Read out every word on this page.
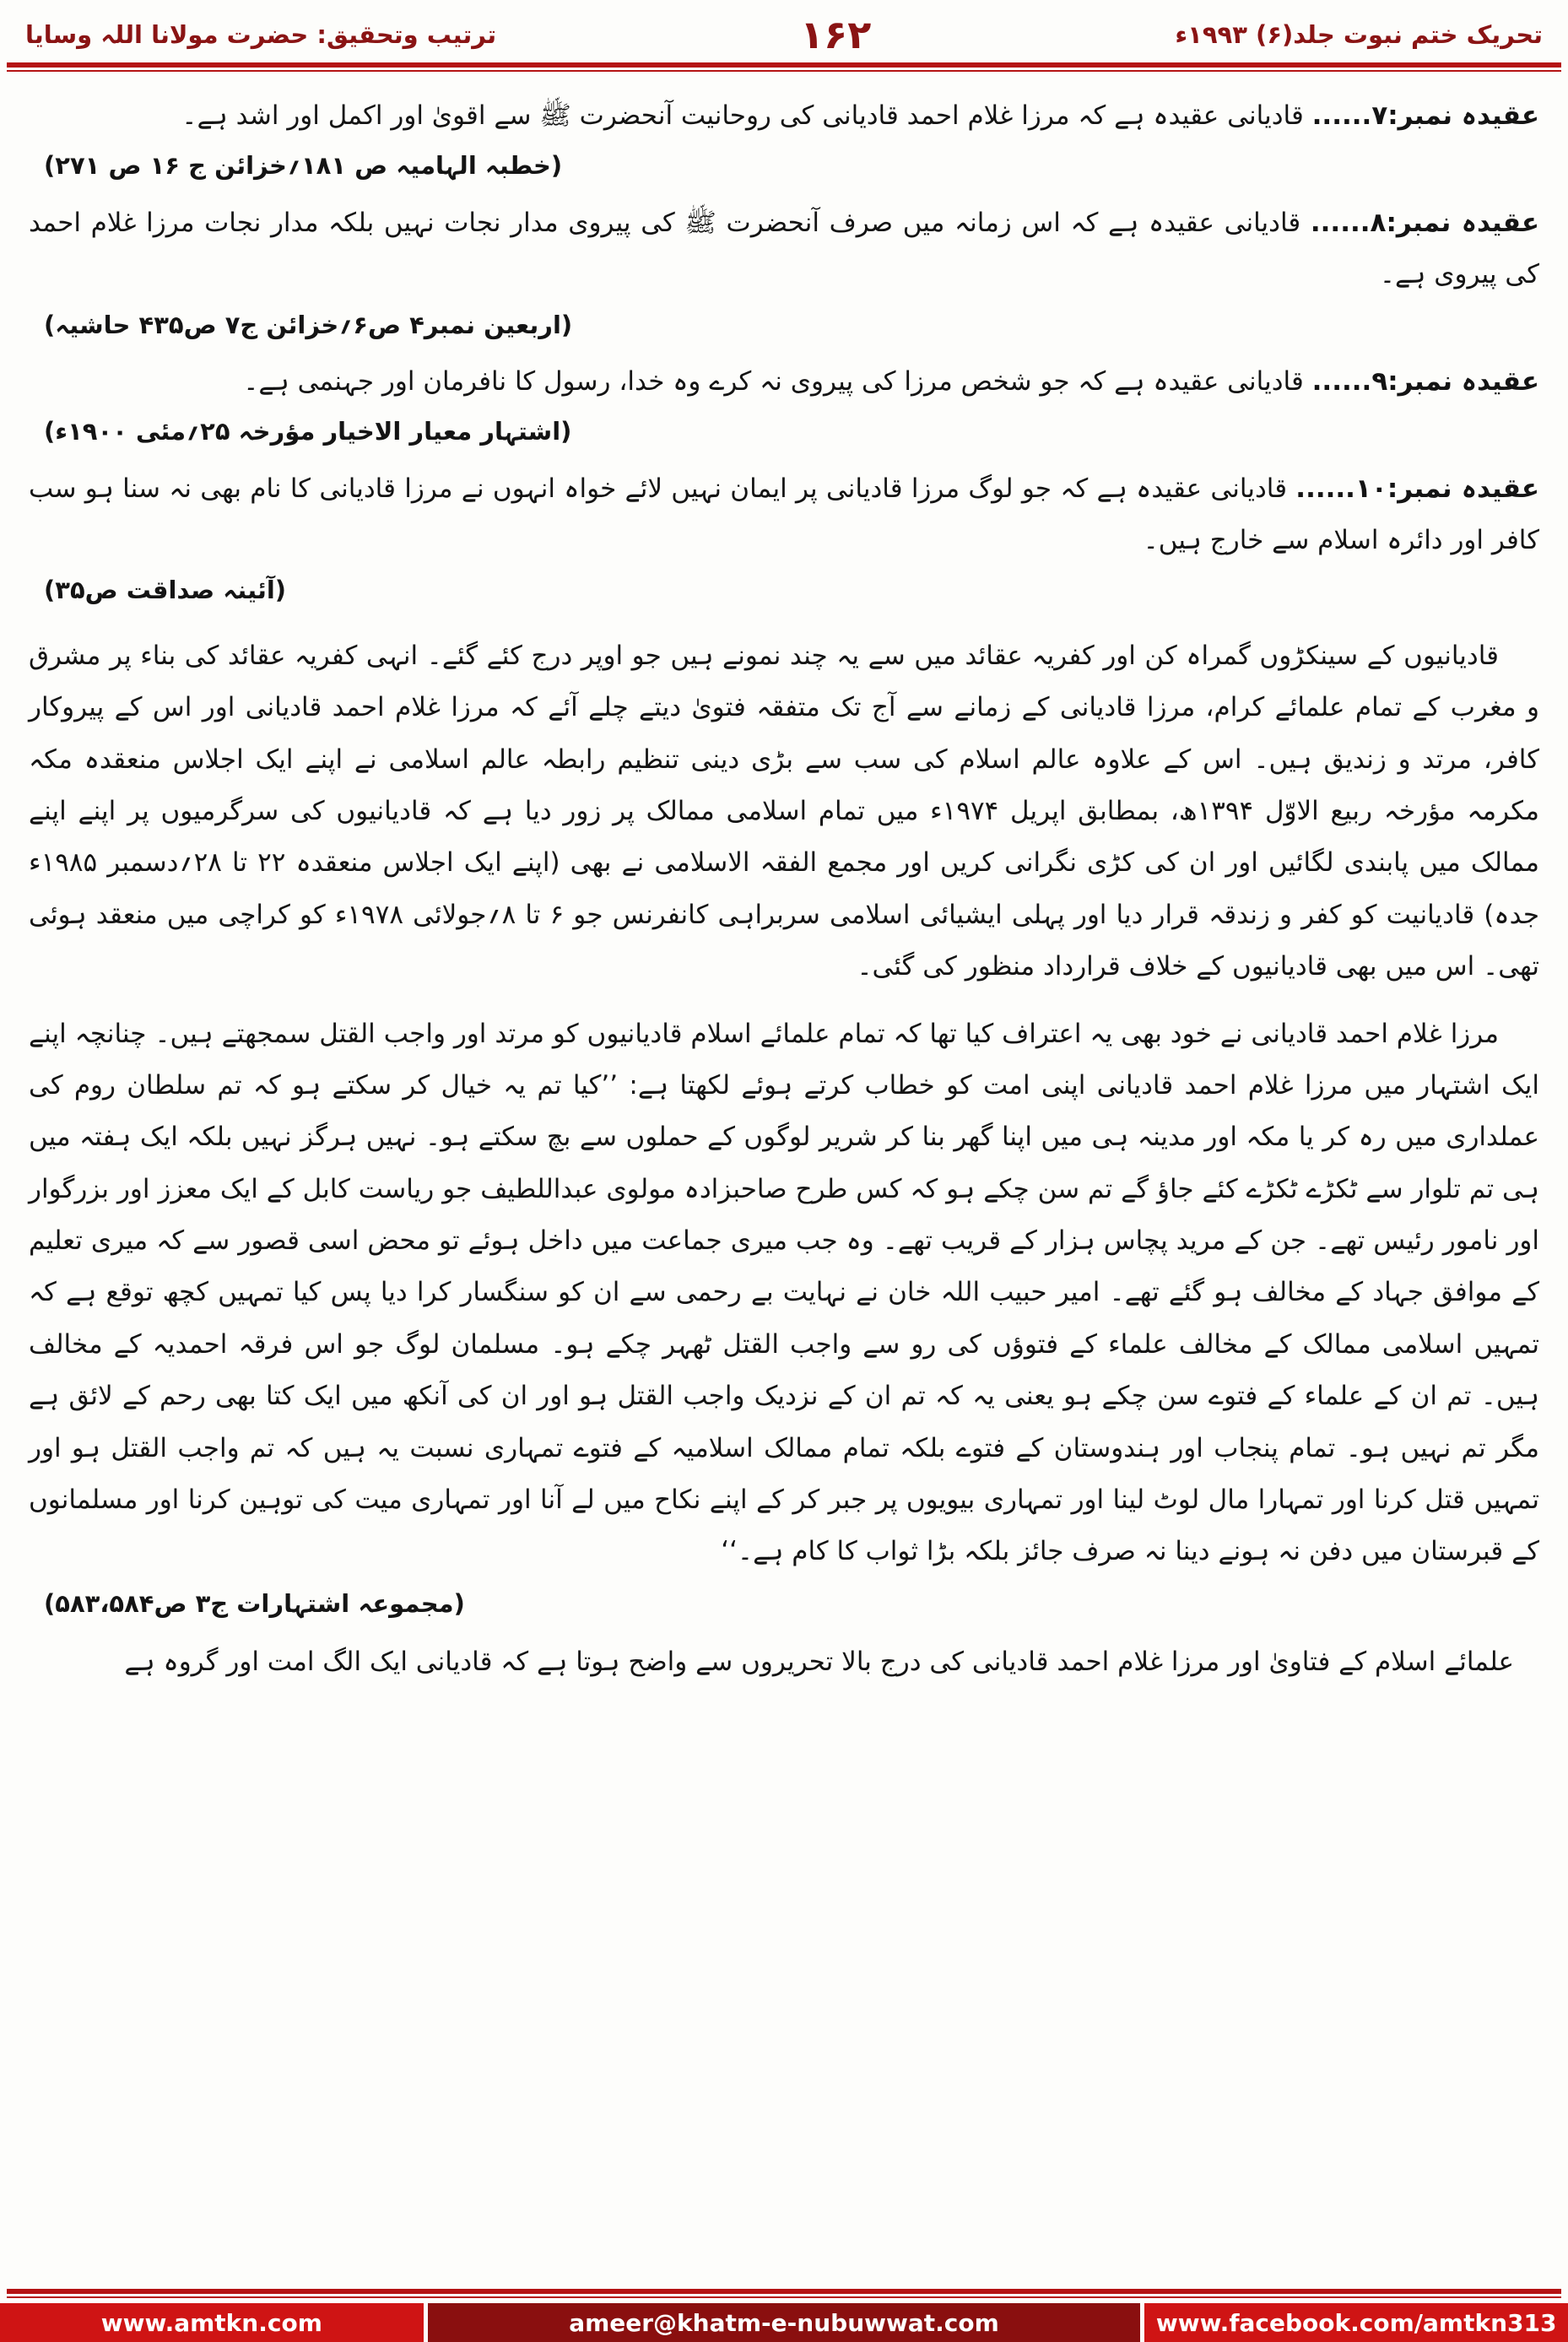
تحریک ختم نبوت جلد(۶) ۱۹۹۳ء
۱۶۲
ترتیب وتحقیق: حضرت مولانا اللہ وسایا
عقیدہ نمبر:۷...... قادیانی عقیدہ ہے کہ مرزا غلام احمد قادیانی کی روحانیت آنحضرت ﷺ سے اقویٰ اور اکمل اور اشد ہے۔
(خطبہ الہامیہ ص ۱۸۱؍خزائن ج ۱۶ ص ۲۷۱)
عقیدہ نمبر:۸...... قادیانی عقیدہ ہے کہ اس زمانہ میں صرف آنحضرت ﷺ کی پیروی مدار نجات نہیں بلکہ مدار نجات مرزا غلام احمد کی پیروی ہے۔
(اربعین نمبر۴ ص۶؍خزائن ج۷ ص۴۳۵ حاشیہ)
عقیدہ نمبر:۹...... قادیانی عقیدہ ہے کہ جو شخص مرزا کی پیروی نہ کرے وہ خدا، رسول کا نافرمان اور جہنمی ہے۔
(اشتہار معیار الاخیار مؤرخہ ۲۵؍مئی ۱۹۰۰ء)
عقیدہ نمبر:۱۰...... قادیانی عقیدہ ہے کہ جو لوگ مرزا قادیانی پر ایمان نہیں لائے خواہ انہوں نے مرزا قادیانی کا نام بھی نہ سنا ہو سب کافر اور دائرہ اسلام سے خارج ہیں۔
(آئینہ صداقت ص۳۵)
قادیانیوں کے سینکڑوں گمراہ کن اور کفریہ عقائد میں سے یہ چند نمونے ہیں جو اوپر درج کئے گئے۔ انہی کفریہ عقائد کی بناء پر مشرق و مغرب کے تمام علمائے کرام، مرزا قادیانی کے زمانے سے آج تک متفقہ فتویٰ دیتے چلے آئے کہ مرزا غلام احمد قادیانی اور اس کے پیروکار کافر، مرتد و زندیق ہیں۔ اس کے علاوہ عالم اسلام کی سب سے بڑی دینی تنظیم رابطہ عالم اسلامی نے اپنے ایک اجلاس منعقدہ مکہ مکرمہ مؤرخہ ربیع الاوّل ۱۳۹۴ھ، بمطابق اپریل ۱۹۷۴ء میں تمام اسلامی ممالک پر زور دیا ہے کہ قادیانیوں کی سرگرمیوں پر اپنے اپنے ممالک میں پابندی لگائیں اور ان کی کڑی نگرانی کریں اور مجمع الفقہ الاسلامی نے بھی (اپنے ایک اجلاس منعقدہ ۲۲ تا ۲۸؍دسمبر ۱۹۸۵ء جدہ) قادیانیت کو کفر و زندقہ قرار دیا اور پہلی ایشیائی اسلامی سربراہی کانفرنس جو ۶ تا ۸؍جولائی ۱۹۷۸ء کو کراچی میں منعقد ہوئی تھی۔ اس میں بھی قادیانیوں کے خلاف قرارداد منظور کی گئی۔
مرزا غلام احمد قادیانی نے خود بھی یہ اعتراف کیا تھا کہ تمام علمائے اسلام قادیانیوں کو مرتد اور واجب القتل سمجھتے ہیں۔ چنانچہ اپنے ایک اشتہار میں مرزا غلام احمد قادیانی اپنی امت کو خطاب کرتے ہوئے لکھتا ہے: ’’کیا تم یہ خیال کر سکتے ہو کہ تم سلطان روم کی عملداری میں رہ کر یا مکہ اور مدینہ ہی میں اپنا گھر بنا کر شریر لوگوں کے حملوں سے بچ سکتے ہو۔ نہیں ہرگز نہیں بلکہ ایک ہفتہ میں ہی تم تلوار سے ٹکڑے ٹکڑے کئے جاؤ گے تم سن چکے ہو کہ کس طرح صاحبزادہ مولوی عبداللطیف جو ریاست کابل کے ایک معزز اور بزرگوار اور نامور رئیس تھے۔ جن کے مرید پچاس ہزار کے قریب تھے۔ وہ جب میری جماعت میں داخل ہوئے تو محض اسی قصور سے کہ میری تعلیم کے موافق جہاد کے مخالف ہو گئے تھے۔ امیر حبیب اللہ خان نے نہایت بے رحمی سے ان کو سنگسار کرا دیا پس کیا تمہیں کچھ توقع ہے کہ تمہیں اسلامی ممالک کے مخالف علماء کے فتوؤں کی رو سے واجب القتل ٹھہر چکے ہو۔ مسلمان لوگ جو اس فرقہ احمدیہ کے مخالف ہیں۔ تم ان کے علماء کے فتوے سن چکے ہو یعنی یہ کہ تم ان کے نزدیک واجب القتل ہو اور ان کی آنکھ میں ایک کتا بھی رحم کے لائق ہے مگر تم نہیں ہو۔ تمام پنجاب اور ہندوستان کے فتوے بلکہ تمام ممالک اسلامیہ کے فتوے تمہاری نسبت یہ ہیں کہ تم واجب القتل ہو اور تمہیں قتل کرنا اور تمہارا مال لوٹ لینا اور تمہاری بیویوں پر جبر کر کے اپنے نکاح میں لے آنا اور تمہاری میت کی توہین کرنا اور مسلمانوں کے قبرستان میں دفن نہ ہونے دینا نہ صرف جائز بلکہ بڑا ثواب کا کام ہے۔‘‘
(مجموعہ اشتہارات ج۳ ص۵۸۳،۵۸۴)
علمائے اسلام کے فتاویٰ اور مرزا غلام احمد قادیانی کی درج بالا تحریروں سے واضح ہوتا ہے کہ قادیانی ایک الگ امت اور گروہ ہے
www.amtkn.com	ameer@khatm-e-nubuwwat.com	www.facebook.com/amtkn313
